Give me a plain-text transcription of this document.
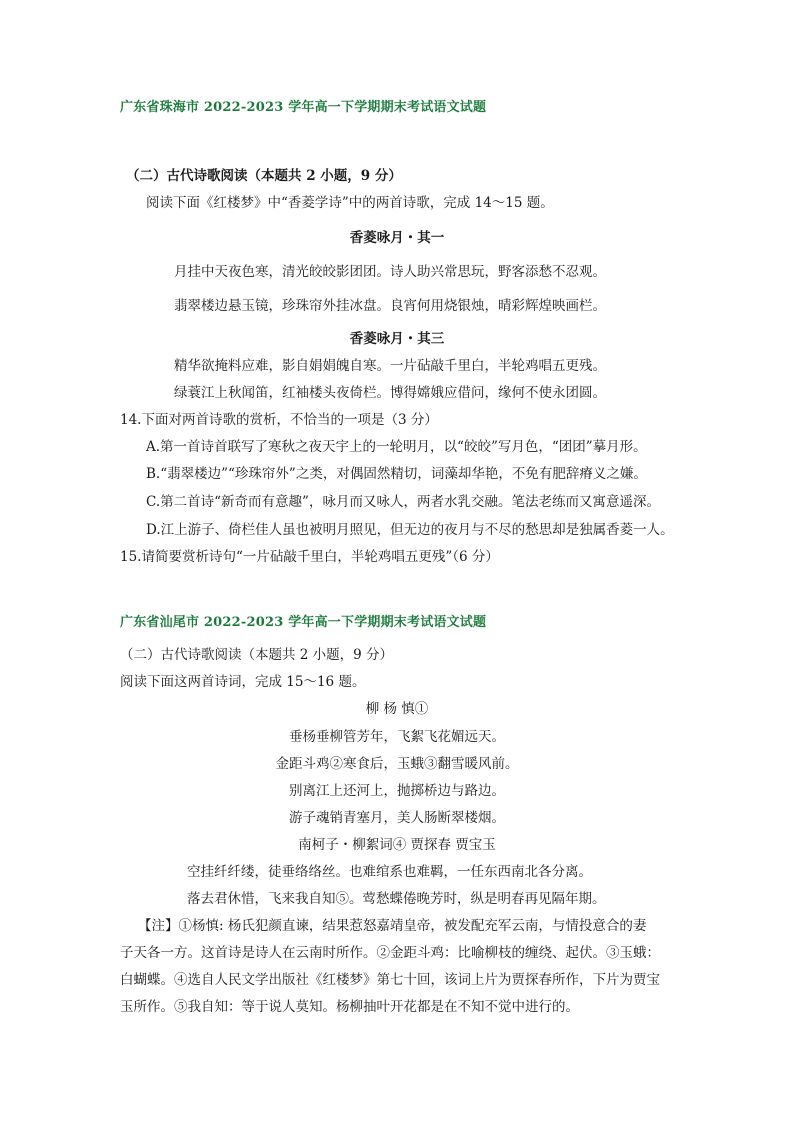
广东省珠海市 2022-2023 学年高一下学期期末考试语文试题
（二）古代诗歌阅读（本题共 2 小题，9 分）
阅读下面《红楼梦》中“香菱学诗”中的两首诗歌，完成 14～15 题。
香菱咏月・其一
月挂中天夜色寒，清光皎皎影团团。诗人助兴常思玩，野客添愁不忍观。
翡翠楼边悬玉镜，珍珠帘外挂冰盘。良宵何用烧银烛，晴彩辉煌映画栏。
香菱咏月・其三
精华欲掩料应难，影自娟娟魄自寒。一片砧敲千里白，半轮鸡唱五更残。
绿蓑江上秋闻笛，红袖楼头夜倚栏。博得嫦娥应借问，缘何不使永团圆。
14.下面对两首诗歌的赏析，不恰当的一项是（3 分）
A.第一首诗首联写了寒秋之夜天宇上的一轮明月，以“皎皎”写月色，“团团”摹月形。
B.“翡翠楼边”“珍珠帘外”之类，对偶固然精切，词藻却华艳，不免有肥辞瘠义之嫌。
C.第二首诗“新奇而有意趣”，咏月而又咏人，两者水乳交融。笔法老练而又寓意遥深。
D.江上游子、倚栏佳人虽也被明月照见，但无边的夜月与不尽的愁思却是独属香菱一人。
15.请简要赏析诗句“一片砧敲千里白，半轮鸡唱五更残”（6 分）
广东省汕尾市 2022-2023 学年高一下学期期末考试语文试题
（二）古代诗歌阅读（本题共 2 小题，9 分）
阅读下面这两首诗词，完成 15～16 题。
柳 杨 慎①
垂杨垂柳管芳年，飞絮飞花媚远天。
金距斗鸡②寒食后，玉蛾③翻雪暖风前。
别离江上还河上，抛掷桥边与路边。
游子魂销青塞月，美人肠断翠楼烟。
南柯子・柳絮词④ 贾探春 贾宝玉
空挂纤纤缕，徒垂络络丝。也难绾系也难羁，一任东西南北各分离。
落去君休惜，飞来我自知⑤。莺愁蝶倦晚芳时，纵是明春再见隔年期。
【注】①杨慎: 杨氏犯颜直谏，结果惹怒嘉靖皇帝，被发配充军云南，与情投意合的妻
子天各一方。这首诗是诗人在云南时所作。②金距斗鸡：比喻柳枝的缠绕、起伏。③玉蛾：
白蝴蝶。④选自人民文学出版社《红楼梦》第七十回，该词上片为贾探春所作，下片为贾宝
玉所作。⑤我自知：等于说人莫知。杨柳抽叶开花都是在不知不觉中进行的。
